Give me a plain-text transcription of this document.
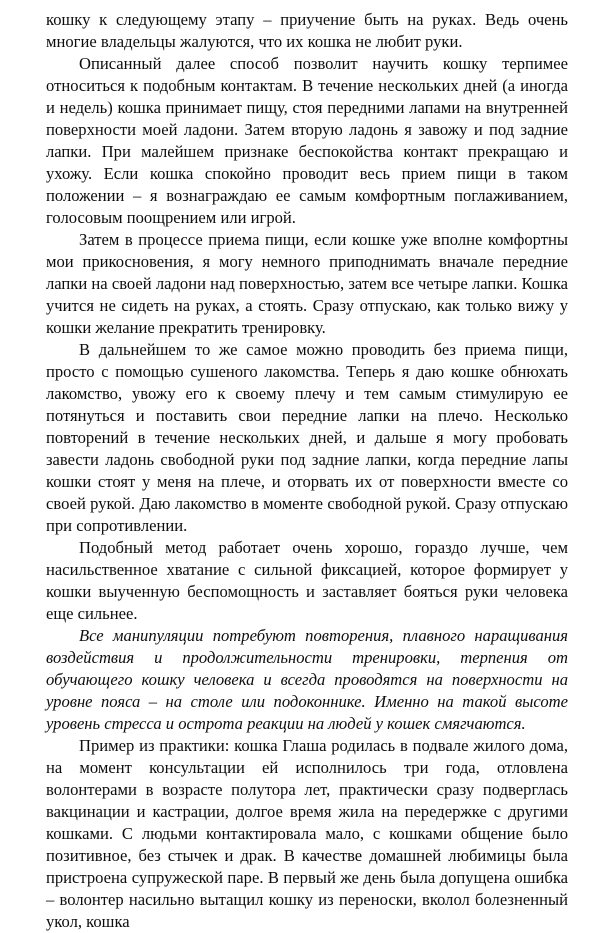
кошку к следующему этапу – приучение быть на руках. Ведь очень многие владельцы жалуются, что их кошка не любит руки.

Описанный далее способ позволит научить кошку терпимее относиться к подобным контактам. В течение нескольких дней (а иногда и недель) кошка принимает пищу, стоя передними лапами на внутренней поверхности моей ладони. Затем вторую ладонь я завожу и под задние лапки. При малейшем признаке беспокойства контакт прекращаю и ухожу. Если кошка спокойно проводит весь прием пищи в таком положении – я вознаграждаю ее самым комфортным поглаживанием, голосовым поощрением или игрой.

Затем в процессе приема пищи, если кошке уже вполне комфортны мои прикосновения, я могу немного приподнимать вначале передние лапки на своей ладони над поверхностью, затем все четыре лапки. Кошка учится не сидеть на руках, а стоять. Сразу отпускаю, как только вижу у кошки желание прекратить тренировку.

В дальнейшем то же самое можно проводить без приема пищи, просто с помощью сушеного лакомства. Теперь я даю кошке обнюхать лакомство, увожу его к своему плечу и тем самым стимулирую ее потянуться и поставить свои передние лапки на плечо. Несколько повторений в течение нескольких дней, и дальше я могу пробовать завести ладонь свободной руки под задние лапки, когда передние лапы кошки стоят у меня на плече, и оторвать их от поверхности вместе со своей рукой. Даю лакомство в моменте свободной рукой. Сразу отпускаю при сопротивлении.

Подобный метод работает очень хорошо, гораздо лучше, чем насильственное хватание с сильной фиксацией, которое формирует у кошки выученную беспомощность и заставляет бояться руки человека еще сильнее.

Все манипуляции потребуют повторения, плавного наращивания воздействия и продолжительности тренировки, терпения от обучающего кошку человека и всегда проводятся на поверхности на уровне пояса – на столе или подоконнике. Именно на такой высоте уровень стресса и острота реакции на людей у кошек смягчаются.

Пример из практики: кошка Глаша родилась в подвале жилого дома, на момент консультации ей исполнилось три года, отловлена волонтерами в возрасте полутора лет, практически сразу подверглась вакцинации и кастрации, долгое время жила на передержке с другими кошками. С людьми контактировала мало, с кошками общение было позитивное, без стычек и драк. В качестве домашней любимицы была пристроена супружеской паре. В первый же день была допущена ошибка – волонтер насильно вытащил кошку из переноски, вколол болезненный укол, кошка
